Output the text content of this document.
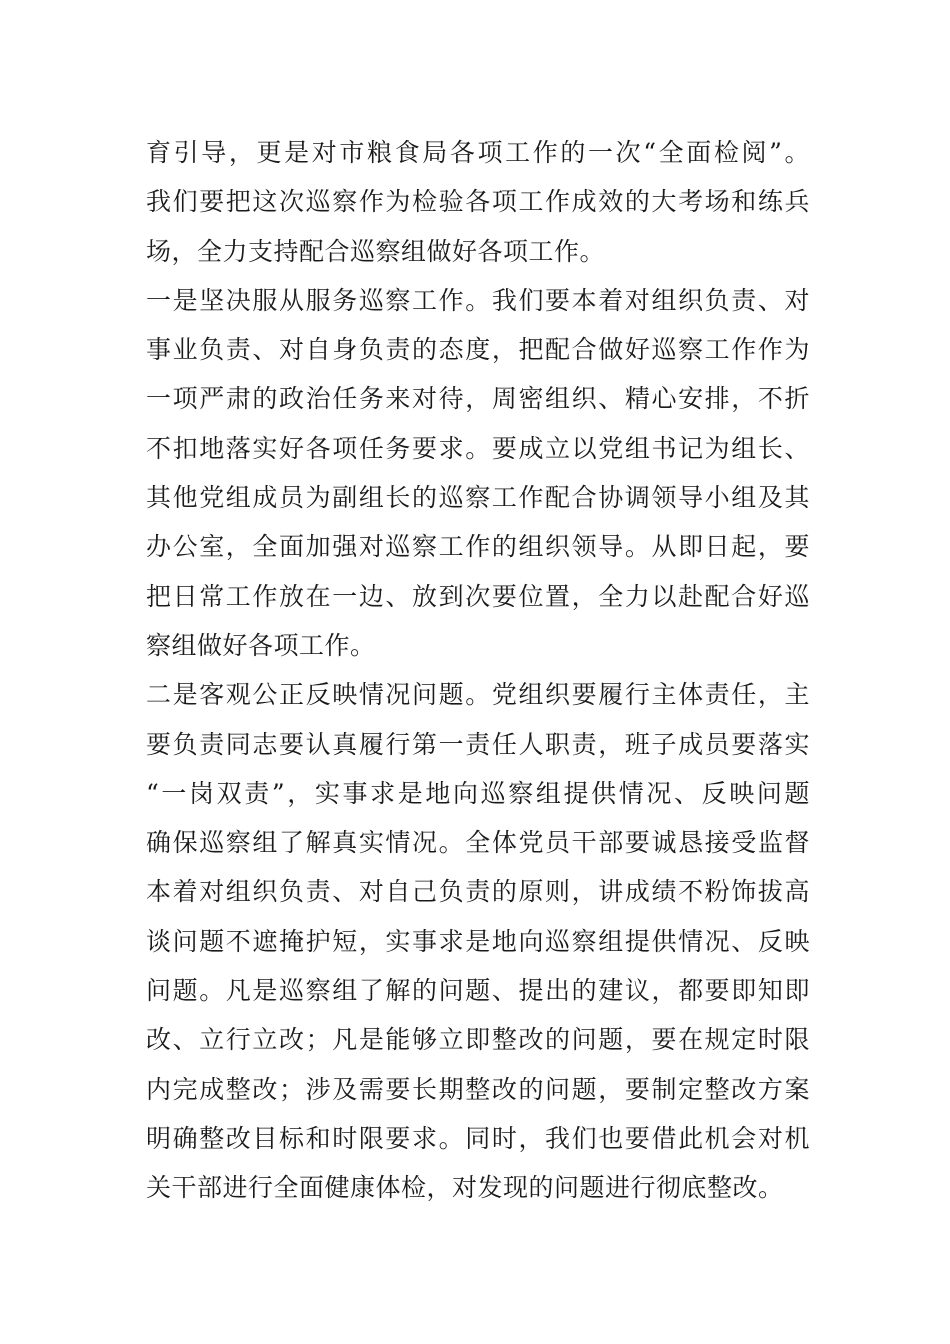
育引导，更是对市粮食局各项工作的一次“全面检阅”。
我们要把这次巡察作为检验各项工作成效的大考场和练兵
场，全力支持配合巡察组做好各项工作。
一是坚决服从服务巡察工作。我们要本着对组织负责、对
事业负责、对自身负责的态度，把配合做好巡察工作作为
一项严肃的政治任务来对待，周密组织、精心安排，不折
不扣地落实好各项任务要求。要成立以党组书记为组长、
其他党组成员为副组长的巡察工作配合协调领导小组及其
办公室，全面加强对巡察工作的组织领导。从即日起，要
把日常工作放在一边、放到次要位置，全力以赴配合好巡
察组做好各项工作。
二是客观公正反映情况问题。党组织要履行主体责任，主
要负责同志要认真履行第一责任人职责，班子成员要落实
“一岗双责”，实事求是地向巡察组提供情况、反映问题
确保巡察组了解真实情况。全体党员干部要诚恳接受监督
本着对组织负责、对自己负责的原则，讲成绩不粉饰拔高
谈问题不遮掩护短，实事求是地向巡察组提供情况、反映
问题。凡是巡察组了解的问题、提出的建议，都要即知即
改、立行立改；凡是能够立即整改的问题，要在规定时限
内完成整改；涉及需要长期整改的问题，要制定整改方案
明确整改目标和时限要求。同时，我们也要借此机会对机
关干部进行全面健康体检，对发现的问题进行彻底整改。
